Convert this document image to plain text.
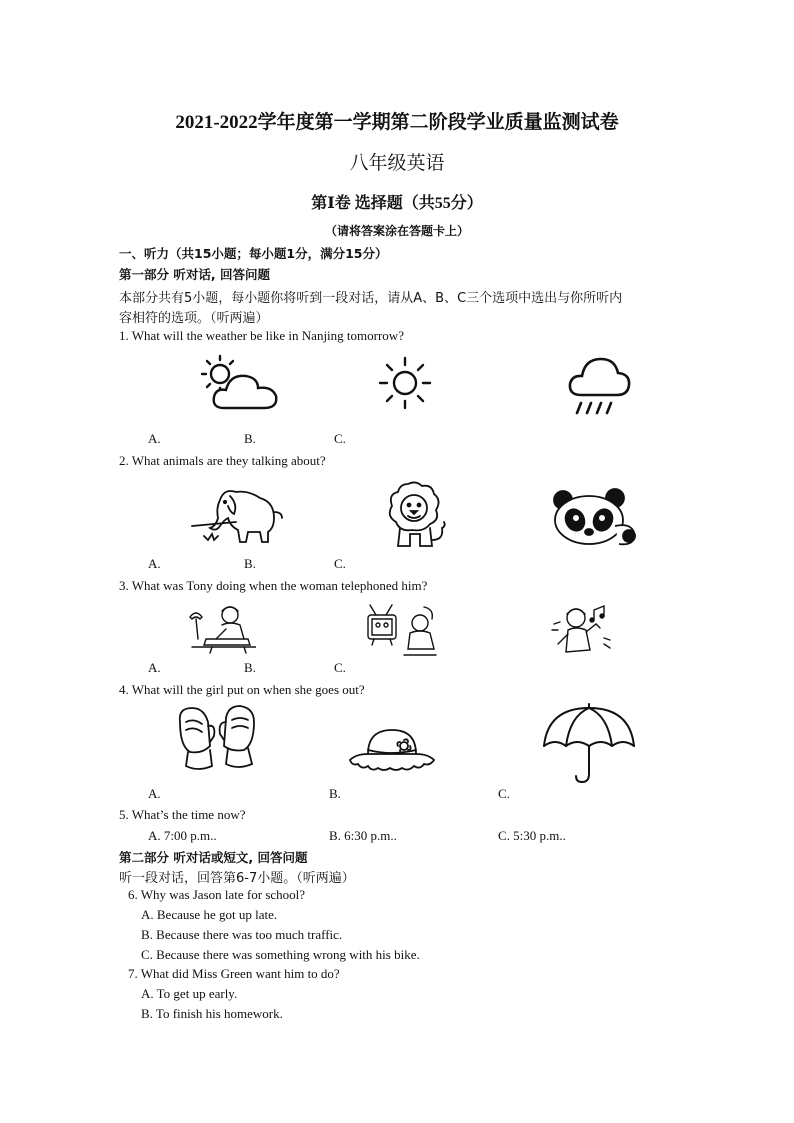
2021-2022学年度第一学期第二阶段学业质量监测试卷
八年级英语
第Ⅰ卷 选择题（共55分）
（请将答案涂在答题卡上）
一、听力（共15小题；每小题1分，满分15分）
第一部分 听对话, 回答问题
本部分共有5小题，每小题你将听到一段对话，请从A、B、C三个选项中选出与你所听内
容相符的选项。（听两遍）
1. What will the weather be like in Nanjing tomorrow?
A.	B.	C.
2. What animals are they talking about?
A.	B.	C.
3. What was Tony doing when the woman telephoned him?
A.	B.	C.
4. What will the girl put on when she goes out?
A.	B.	C.
5. What’s the time now?
A. 7:00 p.m..	B. 6:30 p.m..	C. 5:30 p.m..
第二部分 听对话或短文, 回答问题
听一段对话，回答第6-7小题。（听两遍）
6. Why was Jason late for school?
A. Because he got up late.
B. Because there was too much traffic.
C. Because there was something wrong with his bike.
7. What did Miss Green want him to do?
A. To get up early.
B. To finish his homework.
